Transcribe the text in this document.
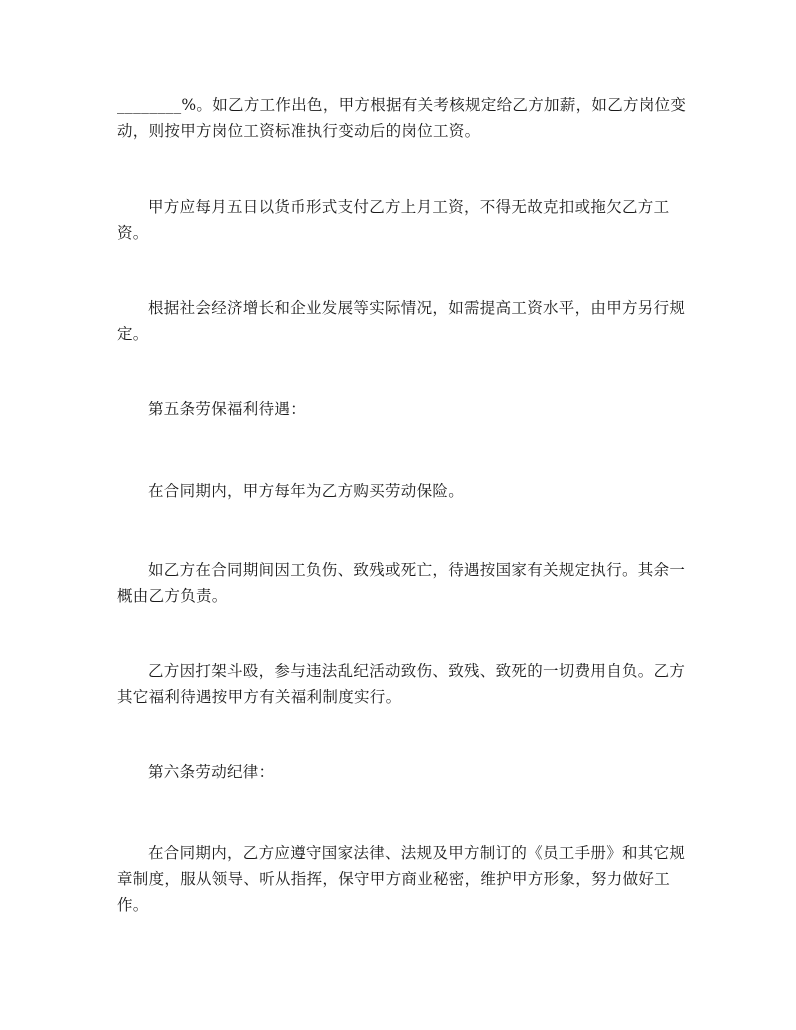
________%。如乙方工作出色，甲方根据有关考核规定给乙方加薪，如乙方岗位变动，则按甲方岗位工资标准执行变动后的岗位工资。

甲方应每月五日以货币形式支付乙方上月工资，不得无故克扣或拖欠乙方工资。

根据社会经济增长和企业发展等实际情况，如需提高工资水平，由甲方另行规定。

第五条劳保福利待遇：

在合同期内，甲方每年为乙方购买劳动保险。

如乙方在合同期间因工负伤、致残或死亡，待遇按国家有关规定执行。其余一概由乙方负责。

乙方因打架斗殴，参与违法乱纪活动致伤、致残、致死的一切费用自负。乙方其它福利待遇按甲方有关福利制度实行。

第六条劳动纪律：

在合同期内，乙方应遵守国家法律、法规及甲方制订的《员工手册》和其它规章制度，服从领导、听从指挥，保守甲方商业秘密，维护甲方形象，努力做好工作。
